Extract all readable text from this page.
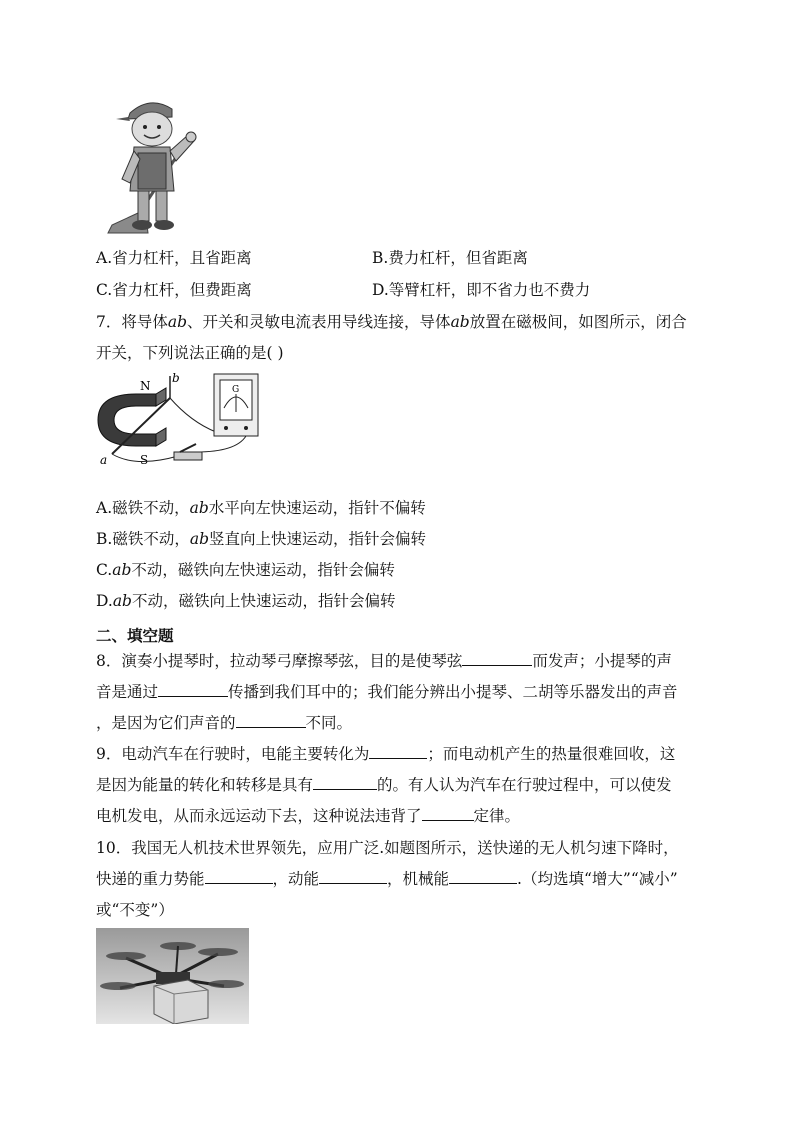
A.省力杠杆，且省距离	B.费力杠杆，但省距离
C.省力杠杆，但费距离	D.等臂杠杆，即不省力也不费力
7．将导体ab、开关和灵敏电流表用导线连接，导体ab放置在磁极间，如图所示，闭合
开关，下列说法正确的是( )
N
S
a
b
G
A.磁铁不动，ab水平向左快速运动，指针不偏转
B.磁铁不动，ab竖直向上快速运动，指针会偏转
C.ab不动，磁铁向左快速运动，指针会偏转
D.ab不动，磁铁向上快速运动，指针会偏转
二、填空题
8．演奏小提琴时，拉动琴弓摩擦琴弦，目的是使琴弦	而发声；小提琴的声
音是通过	传播到我们耳中的；我们能分辨出小提琴、二胡等乐器发出的声音
，是因为它们声音的	不同。
9．电动汽车在行驶时，电能主要转化为	；而电动机产生的热量很难回收，这
是因为能量的转化和转移是具有	的。有人认为汽车在行驶过程中，可以使发
电机发电，从而永远运动下去，这种说法违背了	定律。
10．我国无人机技术世界领先，应用广泛.如题图所示，送快递的无人机匀速下降时，
快递的重力势能	，动能	，机械能	.（均选填“增大”“减小”
或“不变”）
